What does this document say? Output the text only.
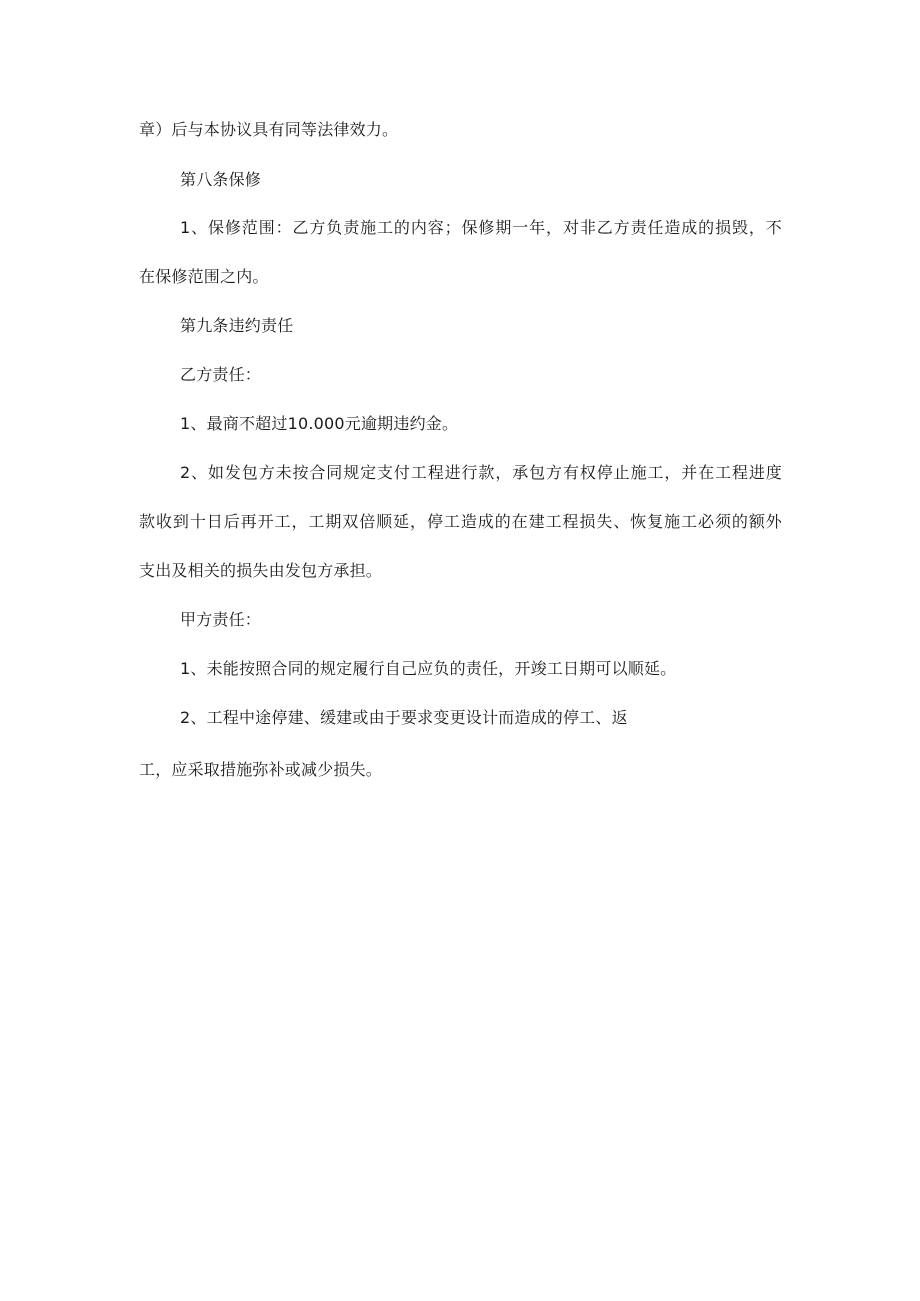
章）后与本协议具有同等法律效力。
第八条保修
1、保修范围：乙方负责施工的内容；保修期一年，对非乙方责任造成的损毁，不
在保修范围之内。
第九条违约责任
乙方责任：
1、最商不超过10.000元逾期违约金。
2、如发包方未按合同规定支付工程进行款，承包方有权停止施工，并在工程进度
款收到十日后再开工，工期双倍顺延，停工造成的在建工程损失、恢复施工必须的额外
支出及相关的损失由发包方承担。
甲方责任：
1、未能按照合同的规定履行自己应负的责任，开竣工日期可以顺延。
2、工程中途停建、缓建或由于要求变更设计而造成的停工、返
工，应采取措施弥补或减少损失。
